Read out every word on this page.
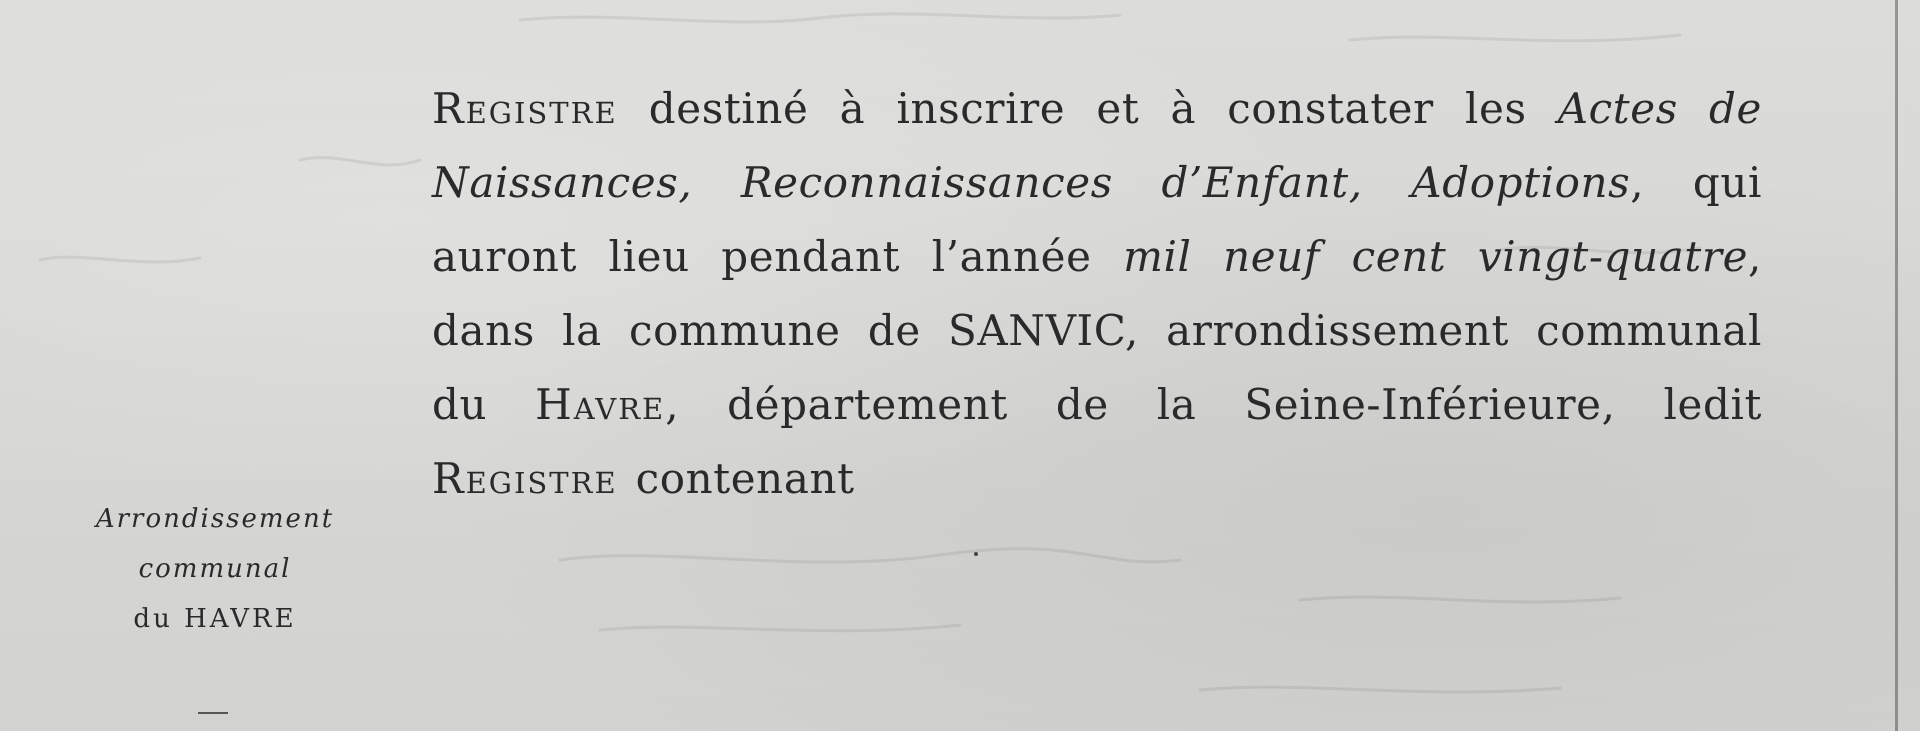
Registre destiné à inscrire et à constater les Actes de Naissances, Reconnaissances d’Enfant, Adoptions, qui auront lieu pendant l’année mil neuf cent vingt-quatre, dans la commune de SANVIC, arrondissement communal du Havre, département de la Seine-Inférieure, ledit Registre contenant

Arrondissement
communal
du HAVRE
